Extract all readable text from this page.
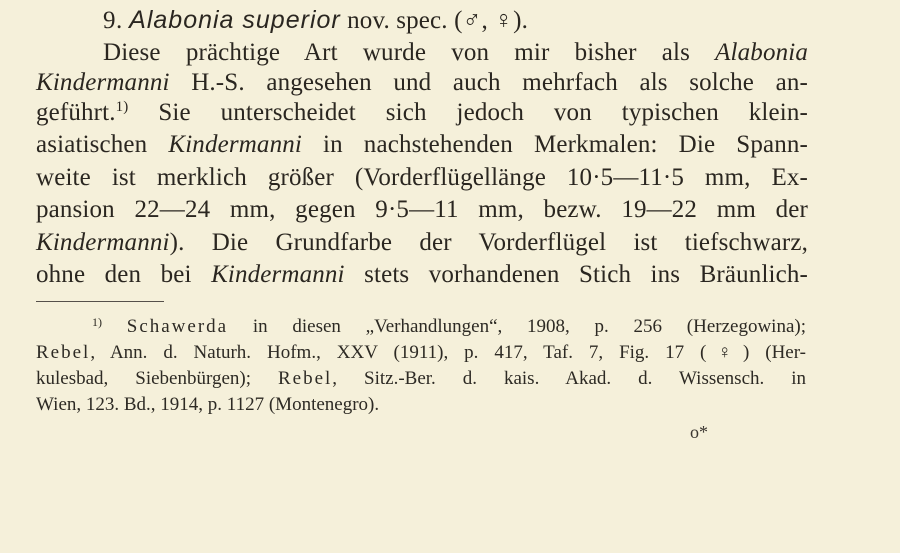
9. Alabonia superior nov. spec. (♂, ♀).
Diese prächtige Art wurde von mir bisher als Alabonia
Kindermanni H.-S. angesehen und auch mehrfach als solche an-
geführt.$^{1)}$ Sie unterscheidet sich jedoch von typischen klein-
asiatischen Kindermanni in nachstehenden Merkmalen: Die Spann-
weite ist merklich größer (Vorderflügellänge 10·5—11·5 mm, Ex-
pansion 22—24 mm, gegen 9·5—11 mm, bezw. 19—22 mm der
Kindermanni). Die Grundfarbe der Vorderflügel ist tiefschwarz,
ohne den bei Kindermanni stets vorhandenen Stich ins Bräunlich-
$^{1)}$ Schawerda in diesen „Verhandlungen“, 1908, p. 256 (Herzegowina);
Rebel, Ann. d. Naturh. Hofm., XXV (1911), p. 417, Taf. 7, Fig. 17 (♀) (Her-
kulesbad, Siebenbürgen); Rebel, Sitz.-Ber. d. kais. Akad. d. Wissensch. in
Wien, 123. Bd., 1914, p. 1127 (Montenegro).
o*
